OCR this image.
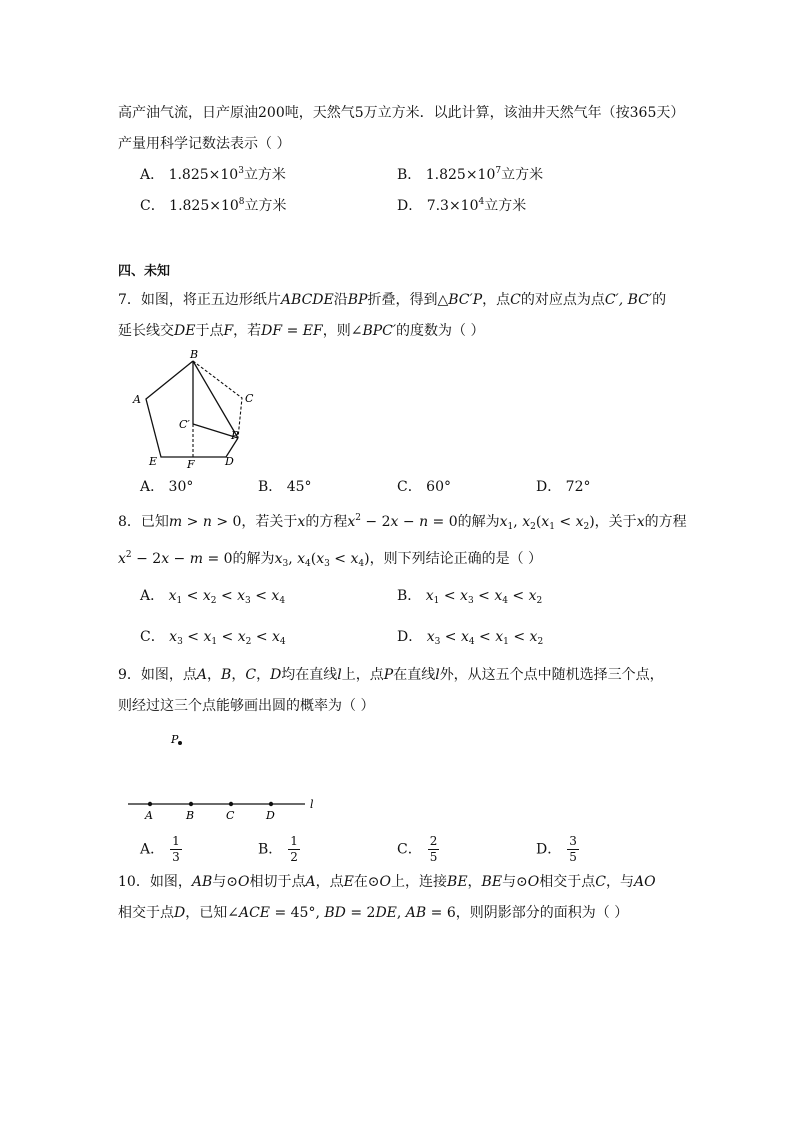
高产油气流，日产原油200吨，天然气5万立方米．以此计算，该油井天然气年（按365天）
产量用科学记数法表示（ ）
A． $1.825\times 10^3$立方米	B． $1.825\times 10^7$立方米
C． $1.825\times 10^8$立方米	D． $7.3\times 10^4$立方米
四、未知
7．如图，将正五边形纸片ABCDE沿BP折叠，得到△BC′P，点C的对应点为点C′, BC′的
延长线交DE于点F，若DF = EF，则∠BPC′的度数为（ ）
B
A	C
C′
P
E	F	D
A． 30°	B． 45°	C． 60°	D． 72°
8．已知m > n > 0，若关于x的方程$x^2 - 2x - n = 0$的解为$x_1$, $x_2(x_1 < x_2)$，关于x的方程
$x^2 - 2x - m = 0$的解为$x_3$, $x_4(x_3 < x_4)$，则下列结论正确的是（ ）
A． $x_1 < x_2 < x_3 < x_4$	B． $x_1 < x_3 < x_4 < x_2$
C． $x_3 < x_1 < x_2 < x_4$	D． $x_3 < x_4 < x_1 < x_2$
9．如图，点A，B，C，D均在直线l上，点P在直线l外，从这五个点中随机选择三个点，
则经过这三个点能够画出圆的概率为（ ）
P
A	B	C	D
l
A． $\frac{1}{3}$	B． $\frac{1}{2}$	C． $\frac{2}{5}$	D． $\frac{3}{5}$
10．如图，AB与⊙O相切于点A，点E在⊙O上，连接BE，BE与⊙O相交于点C，与AO
相交于点D，已知∠ACE = 45°, BD = 2DE, AB = 6，则阴影部分的面积为（ ）
